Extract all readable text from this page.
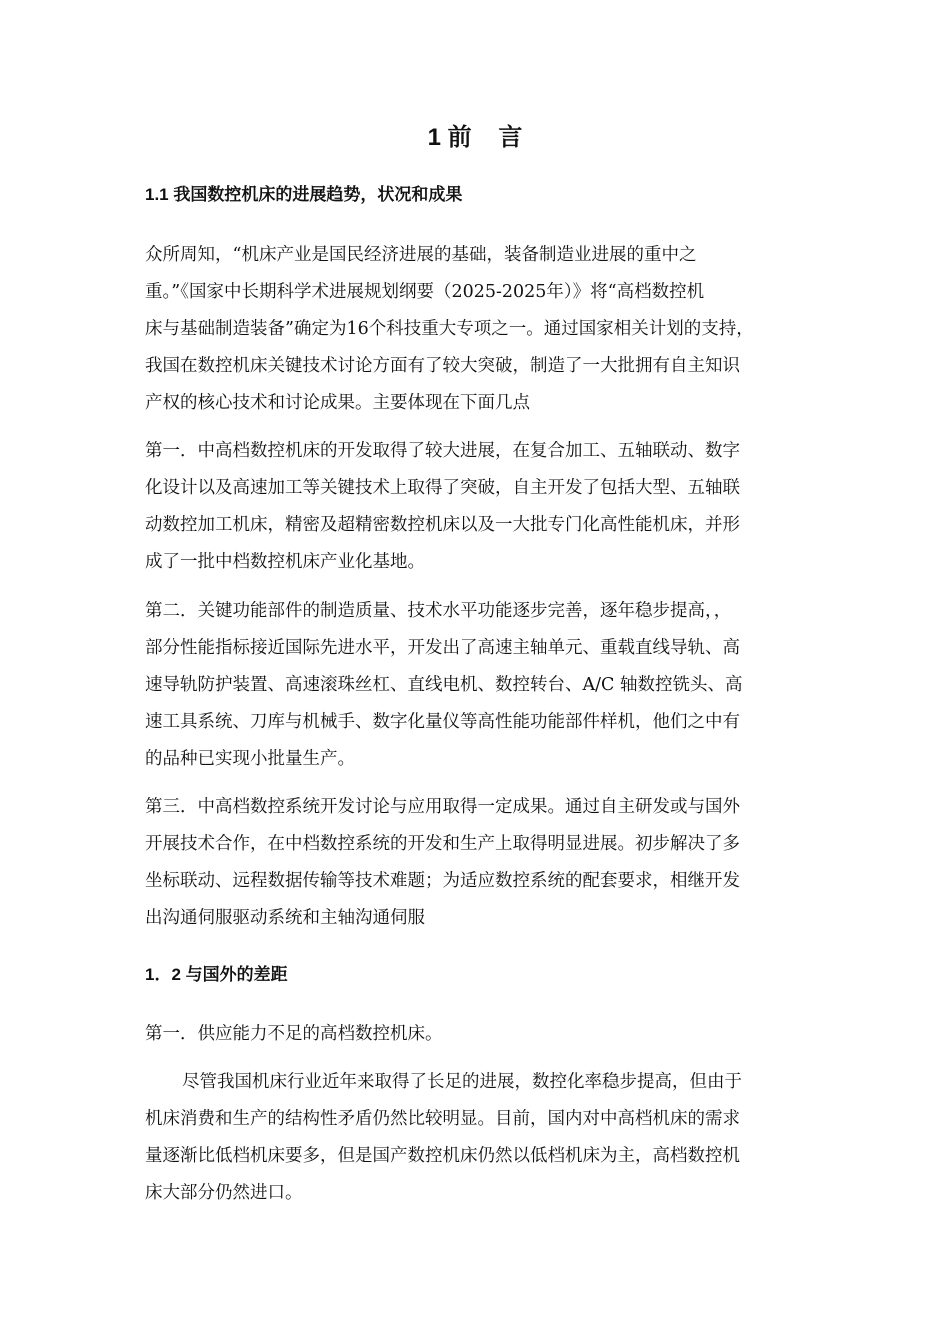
1 前    言
1.1 我国数控机床的进展趋势，状况和成果
众所周知，“机床产业是国民经济进展的基础，装备制造业进展的重中之
重。”《国家中长期科学术进展规划纲要（2025-2025年）》将“高档数控机
床与基础制造装备”确定为16个科技重大专项之一。通过国家相关计划的支持，
我国在数控机床关键技术讨论方面有了较大突破，制造了一大批拥有自主知识
产权的核心技术和讨论成果。主要体现在下面几点
第一．中高档数控机床的开发取得了较大进展，在复合加工、五轴联动、数字
化设计以及高速加工等关键技术上取得了突破，自主开发了包括大型、五轴联
动数控加工机床，精密及超精密数控机床以及一大批专门化高性能机床，并形
成了一批中档数控机床产业化基地。
第二．关键功能部件的制造质量、技术水平功能逐步完善，逐年稳步提高，，
部分性能指标接近国际先进水平，开发出了高速主轴单元、重载直线导轨、高
速导轨防护装置、高速滚珠丝杠、直线电机、数控转台、A/C 轴数控铣头、高
速工具系统、刀库与机械手、数字化量仪等高性能功能部件样机，他们之中有
的品种已实现小批量生产。
第三．中高档数控系统开发讨论与应用取得一定成果。通过自主研发或与国外
开展技术合作，在中档数控系统的开发和生产上取得明显进展。初步解决了多
坐标联动、远程数据传输等技术难题；为适应数控系统的配套要求，相继开发
出沟通伺服驱动系统和主轴沟通伺服
1．2 与国外的差距
第一．供应能力不足的高档数控机床。
尽管我国机床行业近年来取得了长足的进展，数控化率稳步提高，但由于
机床消费和生产的结构性矛盾仍然比较明显。目前，国内对中高档机床的需求
量逐渐比低档机床要多，但是国产数控机床仍然以低档机床为主，高档数控机
床大部分仍然进口。
